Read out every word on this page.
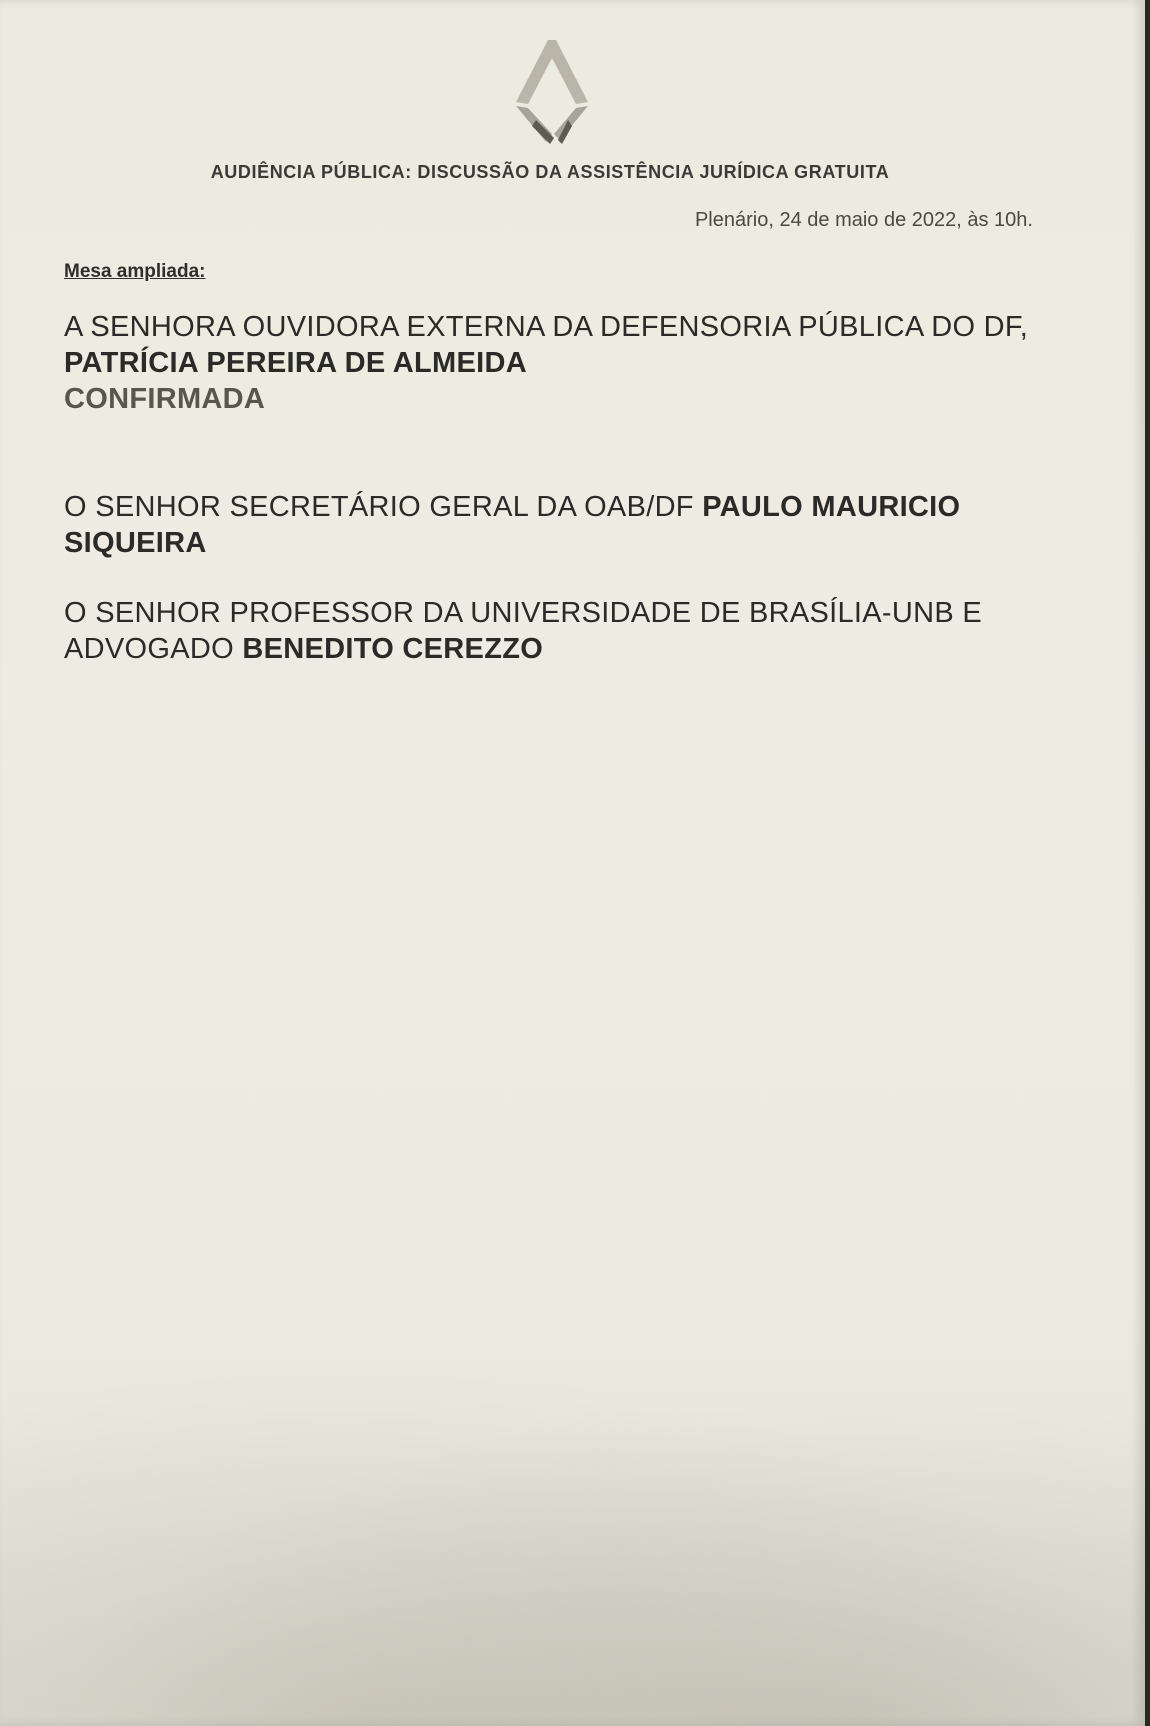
AUDIÊNCIA PÚBLICA: DISCUSSÃO DA ASSISTÊNCIA JURÍDICA GRATUITA
Plenário, 24 de maio de 2022, às 10h.
Mesa ampliada:
A SENHORA OUVIDORA EXTERNA DA DEFENSORIA PÚBLICA DO DF, PATRÍCIA PEREIRA DE ALMEIDA
CONFIRMADA
O SENHOR SECRETÁRIO GERAL DA OAB/DF PAULO MAURICIO SIQUEIRA
O SENHOR PROFESSOR DA UNIVERSIDADE DE BRASÍLIA-UNB E ADVOGADO BENEDITO CEREZZO
